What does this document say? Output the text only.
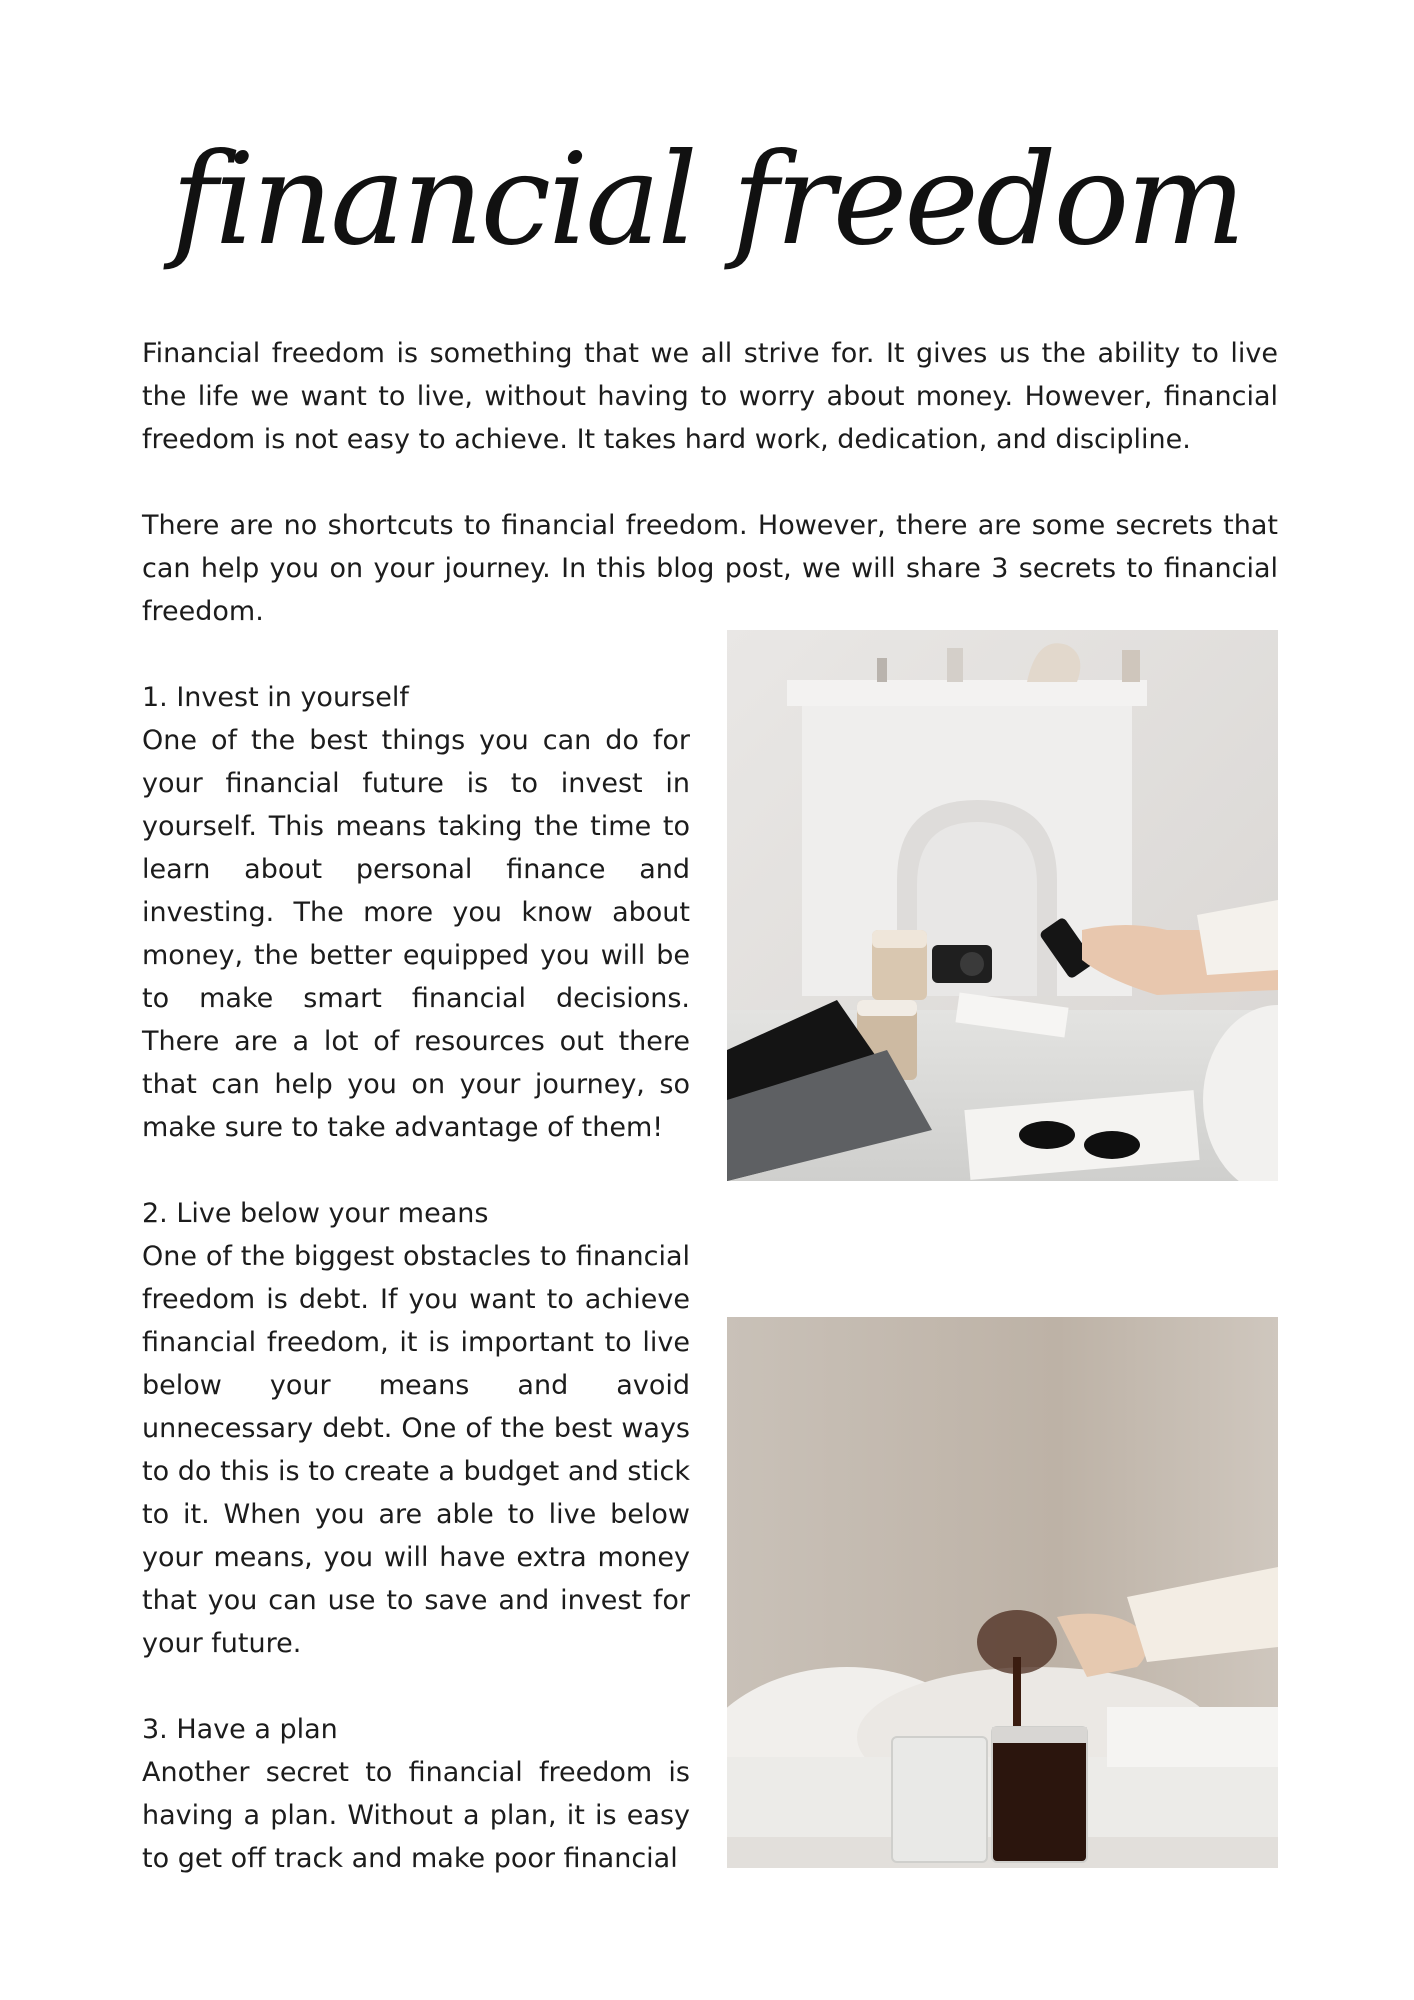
financial freedom

Financial freedom is something that we all strive for. It gives us the ability to live the life we want to live, without having to worry about money. However, financial freedom is not easy to achieve. It takes hard work, dedication, and discipline.

There are no shortcuts to financial freedom. However, there are some secrets that can help you on your journey. In this blog post, we will share 3 secrets to financial freedom.

1. Invest in yourself
One of the best things you can do for your financial future is to invest in yourself. This means taking the time to learn about personal finance and investing. The more you know about money, the better equipped you will be to make smart financial decisions. There are a lot of resources out there that can help you on your journey, so make sure to take advantage of them!
2. Live below your means
One of the biggest obstacles to financial freedom is debt. If you want to achieve financial freedom, it is important to live below your means and avoid unnecessary debt. One of the best ways to do this is to create a budget and stick to it. When you are able to live below your means, you will have extra money that you can use to save and invest for your future.
3. Have a plan
Another secret to financial freedom is having a plan. Without a plan, it is easy to get off track and make poor financial
